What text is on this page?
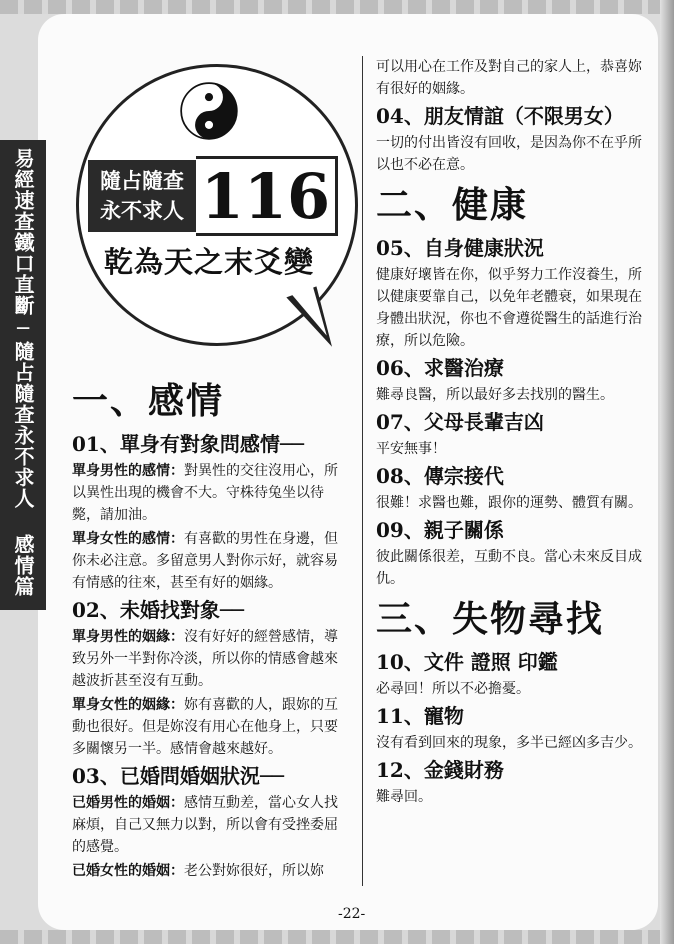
易經速查鐵口直斷─隨占隨查永不求人 感情篇	隨占隨查
永不求人 116
乾為天之末爻變
一、感情
01、單身有對象問感情──

單身男性的感情：對異性的交往沒用心，所以異性出現的機會不大。守株待兔坐以待斃，請加油。

單身女性的感情：有喜歡的男性在身邊，但你未必注意。多留意男人對你示好，就容易有情感的往來，甚至有好的姻緣。

02、未婚找對象──

單身男性的姻緣：沒有好好的經營感情，導致另外一半對你冷淡，所以你的情感會越來越波折甚至沒有互動。

單身女性的姻緣：妳有喜歡的人，跟妳的互動也很好。但是妳沒有用心在他身上，只要多關懷另一半。感情會越來越好。

03、已婚問婚姻狀況──

已婚男性的婚姻：感情互動差，當心女人找麻煩，自己又無力以對，所以會有受挫委屈的感覺。

已婚女性的婚姻：老公對妳很好，所以妳

可以用心在工作及對自己的家人上，恭喜妳有很好的姻緣。

04、朋友情誼（不限男女）

一切的付出皆沒有回收，是因為你不在乎所以也不必在意。

二、健康
05、自身健康狀況

健康好壞皆在你，似乎努力工作沒養生，所以健康要靠自己，以免年老體衰，如果現在身體出狀況，你也不會遵從醫生的話進行治療，所以危險。

06、求醫治療

難尋良醫，所以最好多去找別的醫生。

07、父母長輩吉凶

平安無事！

08、傳宗接代

很難！求醫也難，跟你的運勢、體質有關。

09、親子關係

彼此關係很差，互動不良。當心未來反目成仇。

三、失物尋找
10、文件 證照 印鑑

必尋回！所以不必擔憂。

11、寵物

沒有看到回來的現象，多半已經凶多吉少。

12、金錢財務

難尋回。

-22-
